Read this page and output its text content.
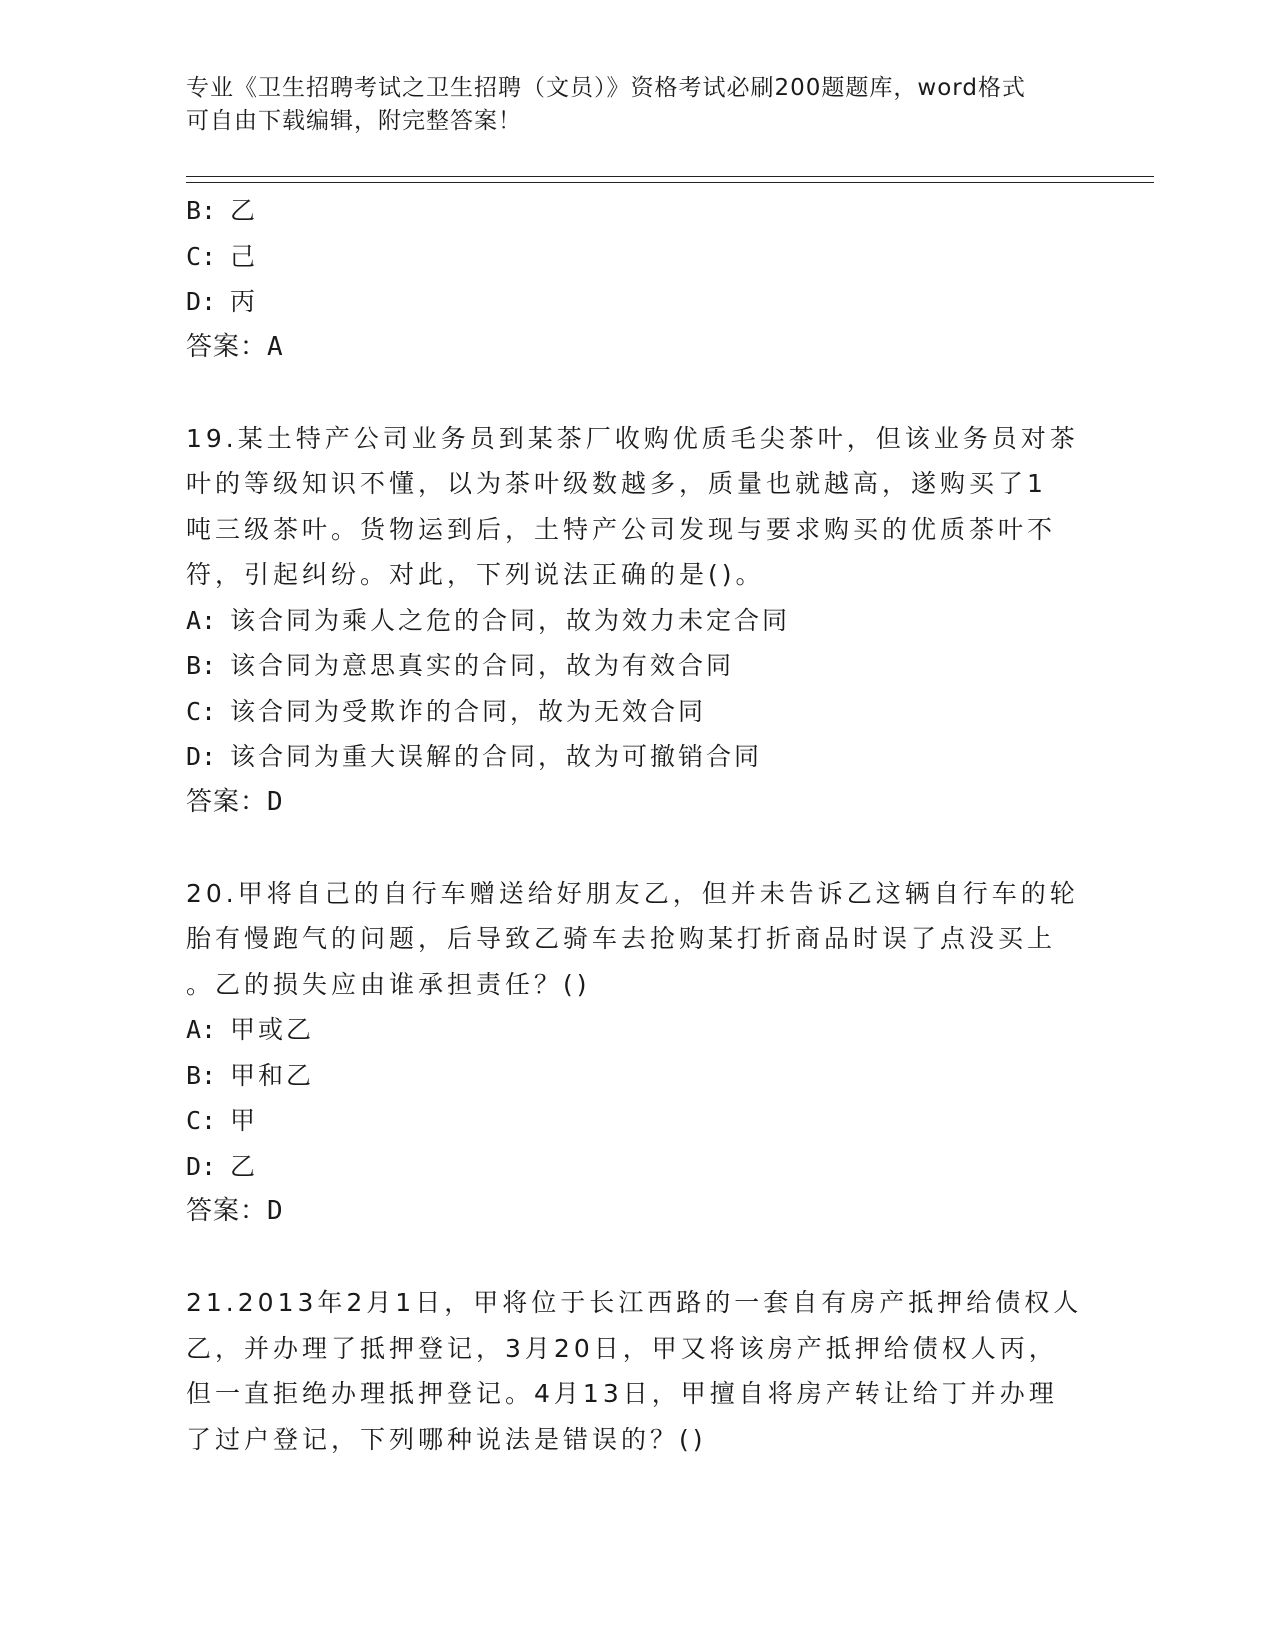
专业《卫生招聘考试之卫生招聘（文员）》资格考试必刷200题题库，word格式
可自由下载编辑，附完整答案！
B: 乙
C: 己
D: 丙
答案：A
19.某土特产公司业务员到某茶厂收购优质毛尖茶叶，但该业务员对茶
叶的等级知识不懂，以为茶叶级数越多，质量也就越高，遂购买了1
吨三级茶叶。货物运到后，土特产公司发现与要求购买的优质茶叶不
符，引起纠纷。对此，下列说法正确的是()。
A: 该合同为乘人之危的合同，故为效力未定合同
B: 该合同为意思真实的合同，故为有效合同
C: 该合同为受欺诈的合同，故为无效合同
D: 该合同为重大误解的合同，故为可撤销合同
答案：D
20.甲将自己的自行车赠送给好朋友乙，但并未告诉乙这辆自行车的轮
胎有慢跑气的问题，后导致乙骑车去抢购某打折商品时误了点没买上
。乙的损失应由谁承担责任？()
A: 甲或乙
B: 甲和乙
C: 甲
D: 乙
答案：D
21.2013年2月1日，甲将位于长江西路的一套自有房产抵押给债权人
乙，并办理了抵押登记，3月20日，甲又将该房产抵押给债权人丙，
但一直拒绝办理抵押登记。4月13日，甲擅自将房产转让给丁并办理
了过户登记，下列哪种说法是错误的？()
